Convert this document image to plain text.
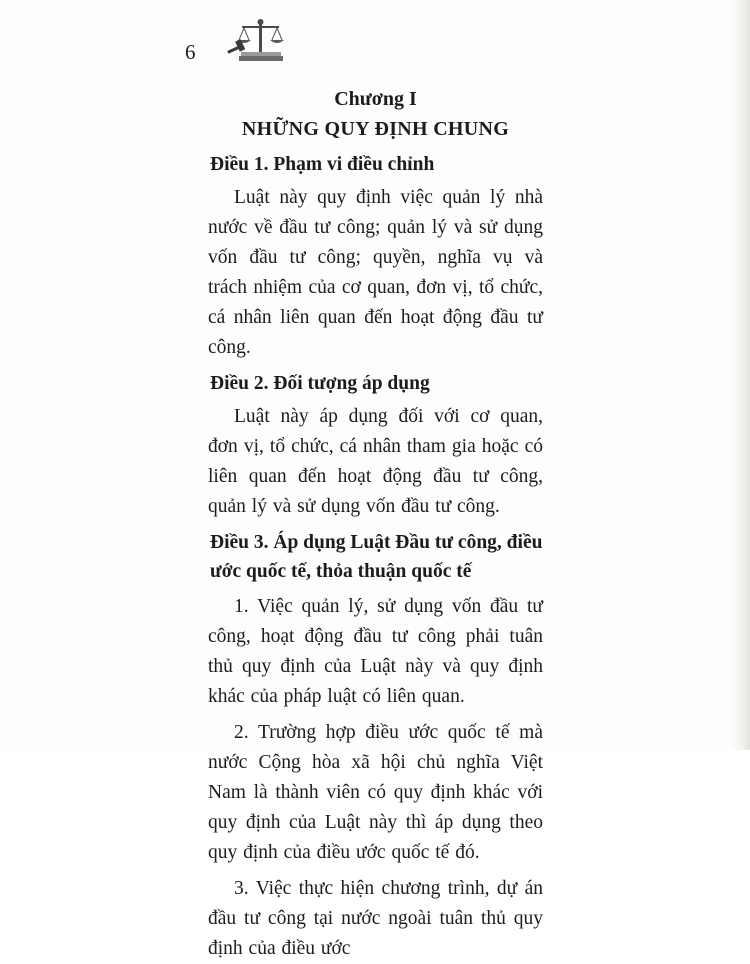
6

Chương I

NHỮNG QUY ĐỊNH CHUNG

Điều 1. Phạm vi điều chỉnh

Luật này quy định việc quản lý nhà nước về đầu tư công; quản lý và sử dụng vốn đầu tư công; quyền, nghĩa vụ và trách nhiệm của cơ quan, đơn vị, tổ chức, cá nhân liên quan đến hoạt động đầu tư công.

Điều 2. Đối tượng áp dụng

Luật này áp dụng đối với cơ quan, đơn vị, tổ chức, cá nhân tham gia hoặc có liên quan đến hoạt động đầu tư công, quản lý và sử dụng vốn đầu tư công.

Điều 3. Áp dụng Luật Đầu tư công, điều ước quốc tế, thỏa thuận quốc tế

1. Việc quản lý, sử dụng vốn đầu tư công, hoạt động đầu tư công phải tuân thủ quy định của Luật này và quy định khác của pháp luật có liên quan.

2. Trường hợp điều ước quốc tế mà nước Cộng hòa xã hội chủ nghĩa Việt Nam là thành viên có quy định khác với quy định của Luật này thì áp dụng theo quy định của điều ước quốc tế đó.

3. Việc thực hiện chương trình, dự án đầu tư công tại nước ngoài tuân thủ quy định của điều ước
